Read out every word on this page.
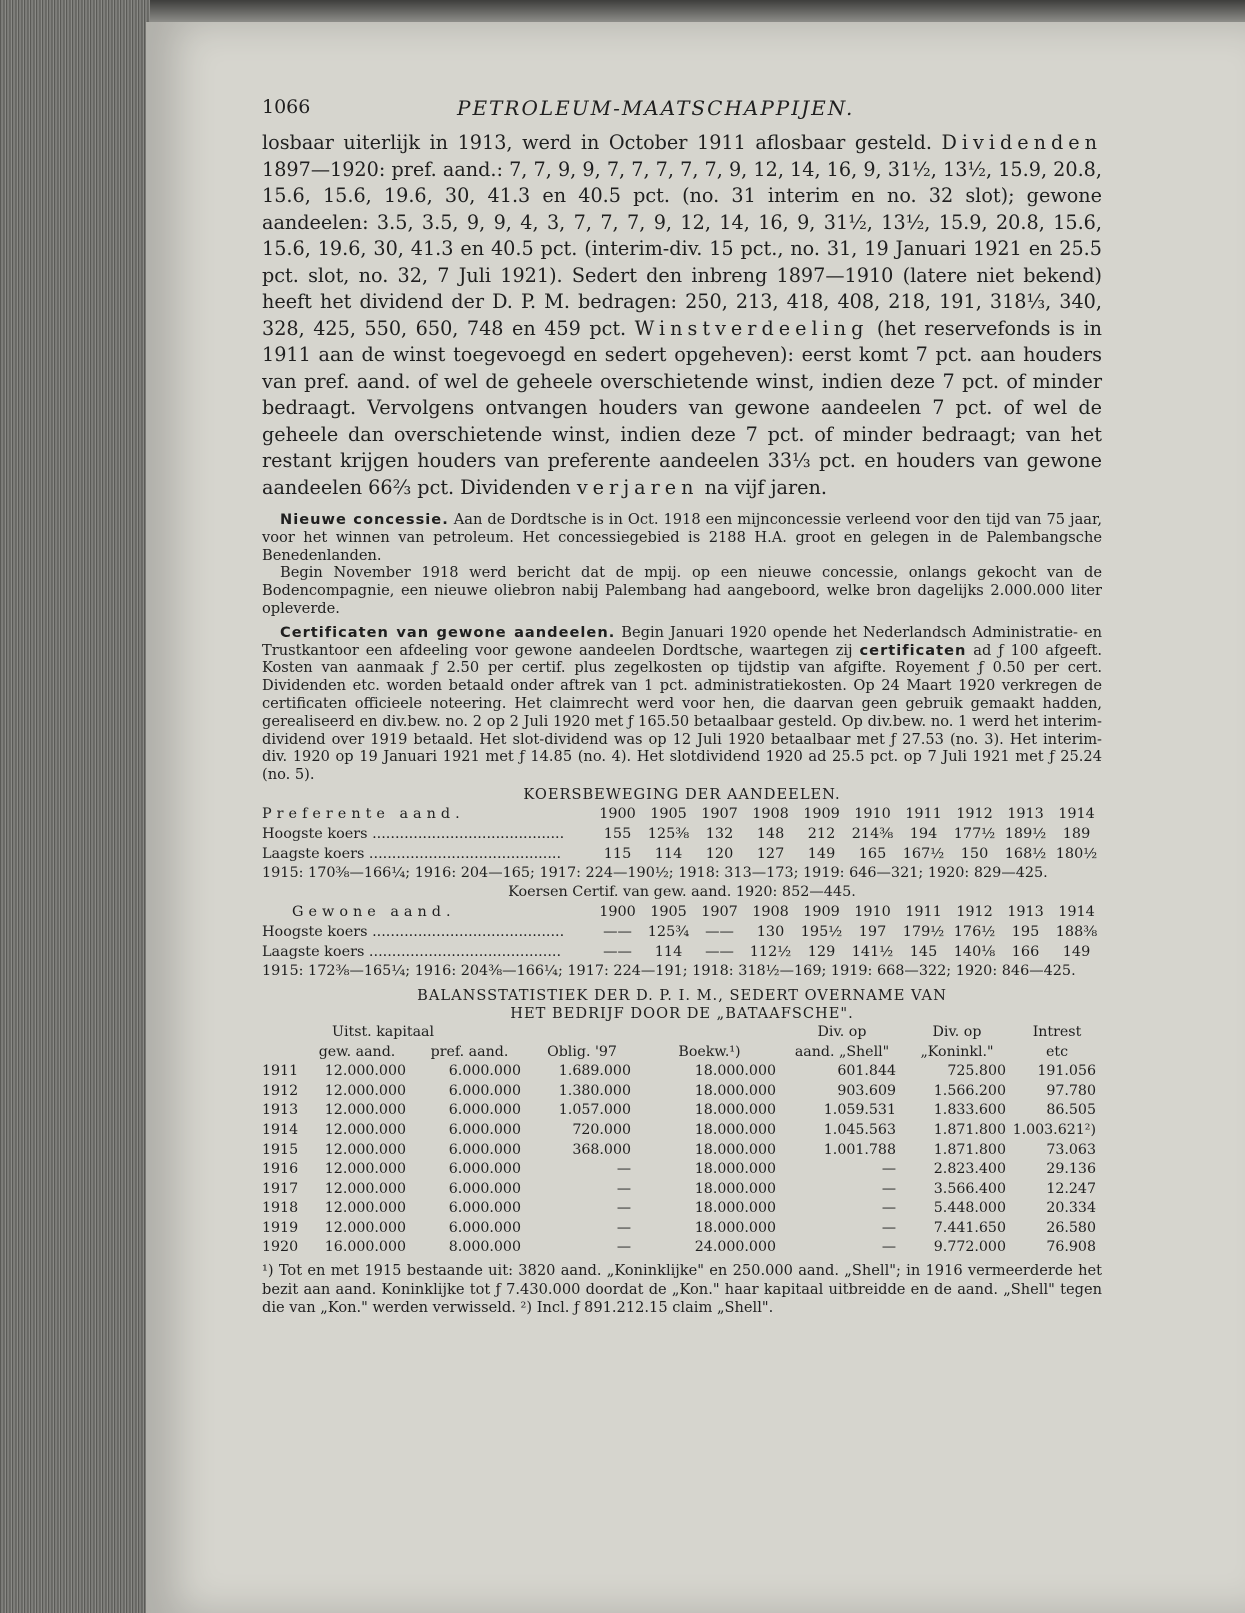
1066	PETROLEUM-MAATSCHAPPIJEN.

losbaar uiterlijk in 1913, werd in October 1911 aflosbaar gesteld. Dividenden 1897—1920: pref. aand.: 7, 7, 9, 9, 7, 7, 7, 7, 7, 9, 12, 14, 16, 9, 31½, 13½, 15.9, 20.8, 15.6, 15.6, 19.6, 30, 41.3 en 40.5 pct. (no. 31 interim en no. 32 slot); gewone aandeelen: 3.5, 3.5, 9, 9, 4, 3, 7, 7, 7, 9, 12, 14, 16, 9, 31½, 13½, 15.9, 20.8, 15.6, 15.6, 19.6, 30, 41.3 en 40.5 pct. (interim-div. 15 pct., no. 31, 19 Januari 1921 en 25.5 pct. slot, no. 32, 7 Juli 1921). Sedert den inbreng 1897—1910 (latere niet bekend) heeft het dividend der D. P. M. bedragen: 250, 213, 418, 408, 218, 191, 318⅓, 340, 328, 425, 550, 650, 748 en 459 pct. Winstverdeeling (het reservefonds is in 1911 aan de winst toegevoegd en sedert opgeheven): eerst komt 7 pct. aan houders van pref. aand. of wel de geheele overschietende winst, indien deze 7 pct. of minder bedraagt. Vervolgens ontvangen houders van gewone aandeelen 7 pct. of wel de geheele dan overschietende winst, indien deze 7 pct. of minder bedraagt; van het restant krijgen houders van preferente aandeelen 33⅓ pct. en houders van gewone aandeelen 66⅔ pct. Dividenden verjaren na vijf jaren.

Nieuwe concessie. Aan de Dordtsche is in Oct. 1918 een mijnconcessie verleend voor den tijd van 75 jaar, voor het winnen van petroleum. Het concessiegebied is 2188 H.A. groot en gelegen in de Palembangsche Benedenlanden.

Begin November 1918 werd bericht dat de mpij. op een nieuwe concessie, onlangs gekocht van de Bodencompagnie, een nieuwe oliebron nabij Palembang had aangeboord, welke bron dagelijks 2.000.000 liter opleverde.

Certificaten van gewone aandeelen. Begin Januari 1920 opende het Nederlandsch Administratie- en Trustkantoor een afdeeling voor gewone aandeelen Dordtsche, waartegen zij certificaten ad ƒ 100 afgeeft. Kosten van aanmaak ƒ 2.50 per certif. plus zegelkosten op tijdstip van afgifte. Royement ƒ 0.50 per cert. Dividenden etc. worden betaald onder aftrek van 1 pct. administratiekosten. Op 24 Maart 1920 verkregen de certificaten officieele noteering. Het claimrecht werd voor hen, die daarvan geen gebruik gemaakt hadden, gerealiseerd en div.bew. no. 2 op 2 Juli 1920 met ƒ 165.50 betaalbaar gesteld. Op div.bew. no. 1 werd het interim-dividend over 1919 betaald. Het slot-dividend was op 12 Juli 1920 betaalbaar met ƒ 27.53 (no. 3). Het interim-div. 1920 op 19 Januari 1921 met ƒ 14.85 (no. 4). Het slotdividend 1920 ad 25.5 pct. op 7 Juli 1921 met ƒ 25.24 (no. 5).

KOERSBEWEGING DER AANDEELEN.
Preferente aand.	1900 1905 1907 1908 1909 1910 1911 1912 1913 1914
Hoogste koers ..........................................	155	125⅜	132	148	212	214⅜	194	177½ 189½	189
Laagste koers ..........................................	115	114	120	127	149	165	167½	150	168½ 180½
1915: 170⅜—166¼; 1916: 204—165; 1917: 224—190½; 1918: 313—173; 1919: 646—321; 1920: 829—425.
Koersen Certif. van gew. aand. 1920: 852—445.
Gewone aand.	1900 1905 1907 1908 1909 1910 1911 1912 1913 1914
Hoogste koers ..........................................	——	125¾	——	130	195½	197	179½ 176½	195	188⅜
Laagste koers ..........................................	——	114	——	112½	129	141½	145	140⅛	166	149
1915: 172⅜—165¼; 1916: 204⅜—166¼; 1917: 224—191; 1918: 318½—169; 1919: 668—322; 1920: 846—425.
BALANSSTATISTIEK DER D. P. I. M., SEDERT OVERNAME VAN
HET BEDRIJF DOOR DE „BATAAFSCHE".
Uitst. kapitaal	Div. op	Div. op	Intrest
gew. aand.	pref. aand.	Oblig. '97	Boekw.¹)	aand. „Shell"	„Koninkl."	etc
1911	12.000.000	6.000.000	1.689.000	18.000.000	601.844	725.800	191.056
1912	12.000.000	6.000.000	1.380.000	18.000.000	903.609	1.566.200	97.780
1913	12.000.000	6.000.000	1.057.000	18.000.000	1.059.531	1.833.600	86.505
1914	12.000.000	6.000.000	720.000	18.000.000	1.045.563	1.871.800 1.003.621²)
1915	12.000.000	6.000.000	368.000	18.000.000	1.001.788	1.871.800	73.063
1916	12.000.000	6.000.000	—	18.000.000	—	2.823.400	29.136
1917	12.000.000	6.000.000	—	18.000.000	—	3.566.400	12.247
1918	12.000.000	6.000.000	—	18.000.000	—	5.448.000	20.334
1919	12.000.000	6.000.000	—	18.000.000	—	7.441.650	26.580
1920	16.000.000	8.000.000	—	24.000.000	—	9.772.000	76.908

¹) Tot en met 1915 bestaande uit: 3820 aand. „Koninklijke" en 250.000 aand. „Shell"; in 1916 vermeerderde het bezit aan aand. Koninklijke tot ƒ 7.430.000 doordat de „Kon." haar kapitaal uitbreidde en de aand. „Shell" tegen die van „Kon." werden verwisseld. ²) Incl. ƒ 891.212.15 claim „Shell".
